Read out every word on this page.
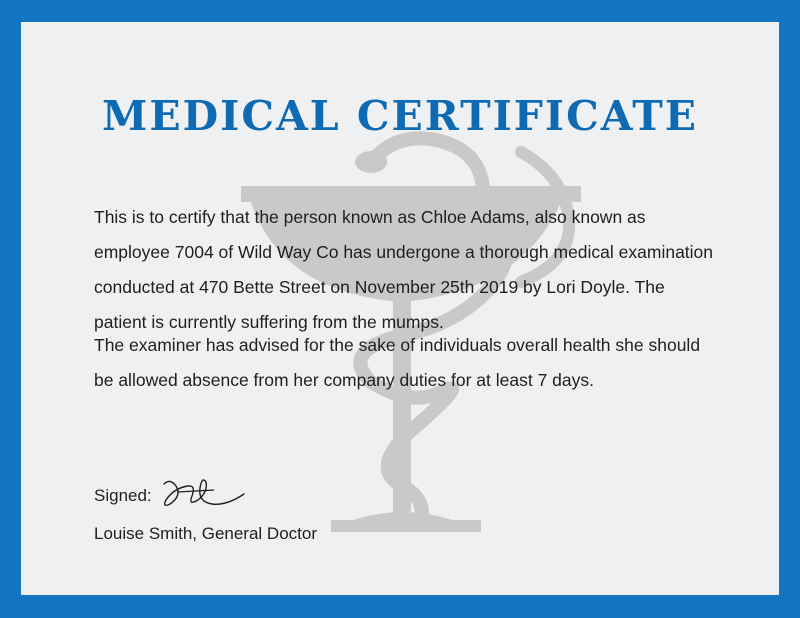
MEDICAL CERTIFICATE

This is to certify that the person known as Chloe Adams, also known as employee 7004 of Wild Way Co has undergone a thorough medical examination conducted at 470 Bette Street on November 25th 2019 by Lori Doyle. The patient is currently suffering from the mumps.

The examiner has advised for the sake of individuals overall health she should be allowed absence from her company duties for at least 7 days.

Signed:
Louise Smith, General Doctor
